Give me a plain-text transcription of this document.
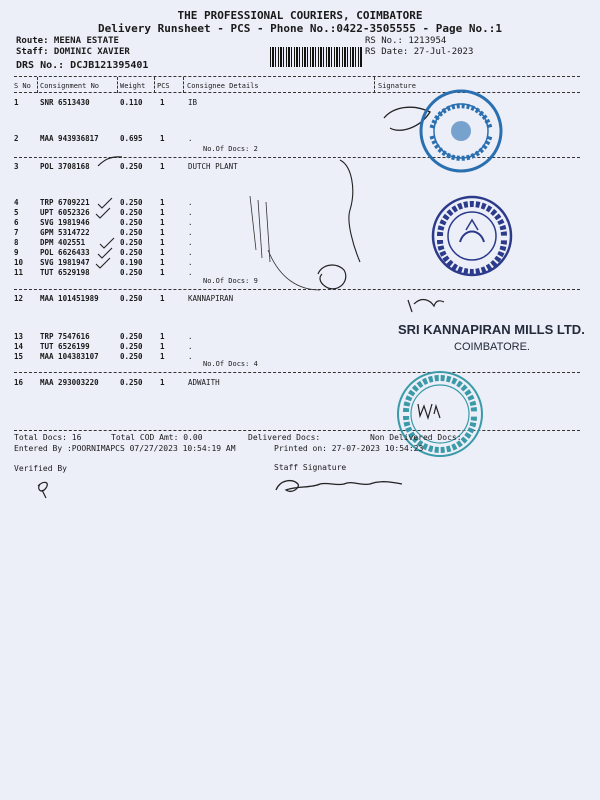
THE PROFESSIONAL COURIERS, COIMBATORE
Delivery Runsheet - PCS - Phone No.:0422-3505555 - Page No.:1
Route: MEENA ESTATE
Staff: DOMINIC XAVIER
DRS No.: DCJB121395401
RS No.: 1213954
RS Date: 27-Jul-2023
S No Consignment No	Weight PCS Consignee Details	Signature
No.Of Docs: 2
No.Of Docs: 9
No.Of Docs: 4
1	SNR 6513430	0.110 1	IB
2	MAA 943936817	0.695 1	.
3	POL 3708168	0.250 1	DUTCH PLANT
4	TRP 6709221	0.250 1	.
5	UPT 6052326	0.250 1	.
6	SVG 1981946	0.250 1	.
7	GPM 5314722	0.250 1	.
8	DPM 402551	0.250 1	.
9	POL 6626433	0.250 1	.
10 SVG 1981947	0.190 1	.
11 TUT 6529198	0.250 1	.
12 MAA 101451989	0.250 1	KANNAPIRAN
13 TRP 7547616	0.250 1	.
14 TUT 6526199	0.250 1	.
15 MAA 104383107	0.250 1	.
16 MAA 293003220	0.250 1	ADWAITH
SRI KANNAPIRAN MILLS LTD.
COIMBATORE.
Total Docs: 16	Total COD Amt: 0.00	Delivered Docs:	Non Delivered Docs:
Entered By :POORNIMAPCS 07/27/2023 10:54:19 AM	Printed on: 27-07-2023 10:54:23
Verified By	Staff Signature
